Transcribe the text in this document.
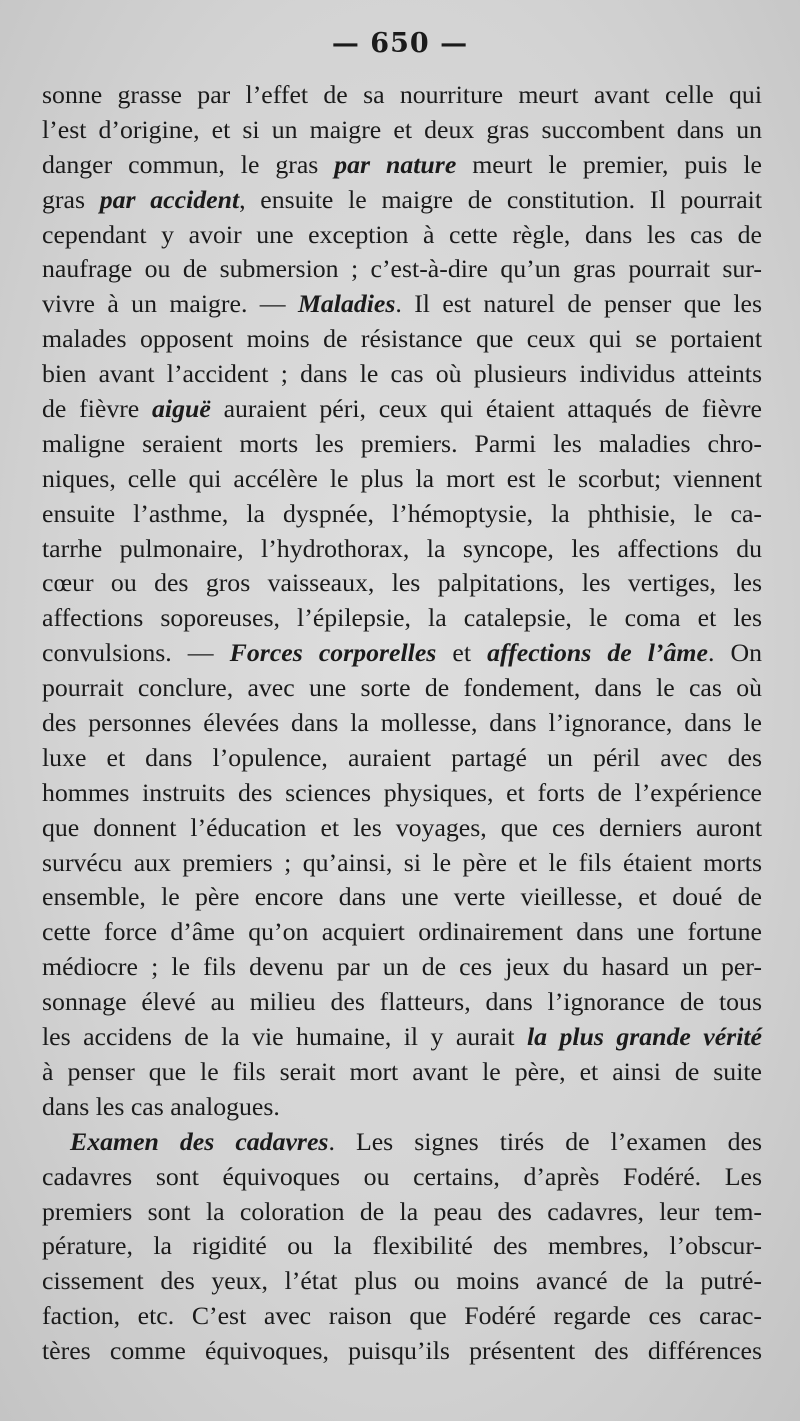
— 650 —
sonne grasse par l’effet de sa nourriture meurt avant celle qui
l’est d’origine, et si un maigre et deux gras succombent dans un
danger commun, le gras par nature meurt le premier, puis le
gras par accident, ensuite le maigre de constitution. Il pourrait
cependant y avoir une exception à cette règle, dans les cas de
naufrage ou de submersion ; c’est-à-dire qu’un gras pourrait sur-
vivre à un maigre. — Maladies. Il est naturel de penser que les
malades opposent moins de résistance que ceux qui se portaient
bien avant l’accident ; dans le cas où plusieurs individus atteints
de fièvre aiguë auraient péri, ceux qui étaient attaqués de fièvre
maligne seraient morts les premiers. Parmi les maladies chro-
niques, celle qui accélère le plus la mort est le scorbut; viennent
ensuite l’asthme, la dyspnée, l’hémoptysie, la phthisie, le ca-
tarrhe pulmonaire, l’hydrothorax, la syncope, les affections du
cœur ou des gros vaisseaux, les palpitations, les vertiges, les
affections soporeuses, l’épilepsie, la catalepsie, le coma et les
convulsions. — Forces corporelles et affections de l’âme. On
pourrait conclure, avec une sorte de fondement, dans le cas où
des personnes élevées dans la mollesse, dans l’ignorance, dans le
luxe et dans l’opulence, auraient partagé un péril avec des
hommes instruits des sciences physiques, et forts de l’expérience
que donnent l’éducation et les voyages, que ces derniers auront
survécu aux premiers ; qu’ainsi, si le père et le fils étaient morts
ensemble, le père encore dans une verte vieillesse, et doué de
cette force d’âme qu’on acquiert ordinairement dans une fortune
médiocre ; le fils devenu par un de ces jeux du hasard un per-
sonnage élevé au milieu des flatteurs, dans l’ignorance de tous
les accidens de la vie humaine, il y aurait la plus grande vérité
à penser que le fils serait mort avant le père, et ainsi de suite
dans les cas analogues.
Examen des cadavres. Les signes tirés de l’examen des
cadavres sont équivoques ou certains, d’après Fodéré. Les
premiers sont la coloration de la peau des cadavres, leur tem-
pérature, la rigidité ou la flexibilité des membres, l’obscur-
cissement des yeux, l’état plus ou moins avancé de la putré-
faction, etc. C’est avec raison que Fodéré regarde ces carac-
tères comme équivoques, puisqu’ils présentent des différences
